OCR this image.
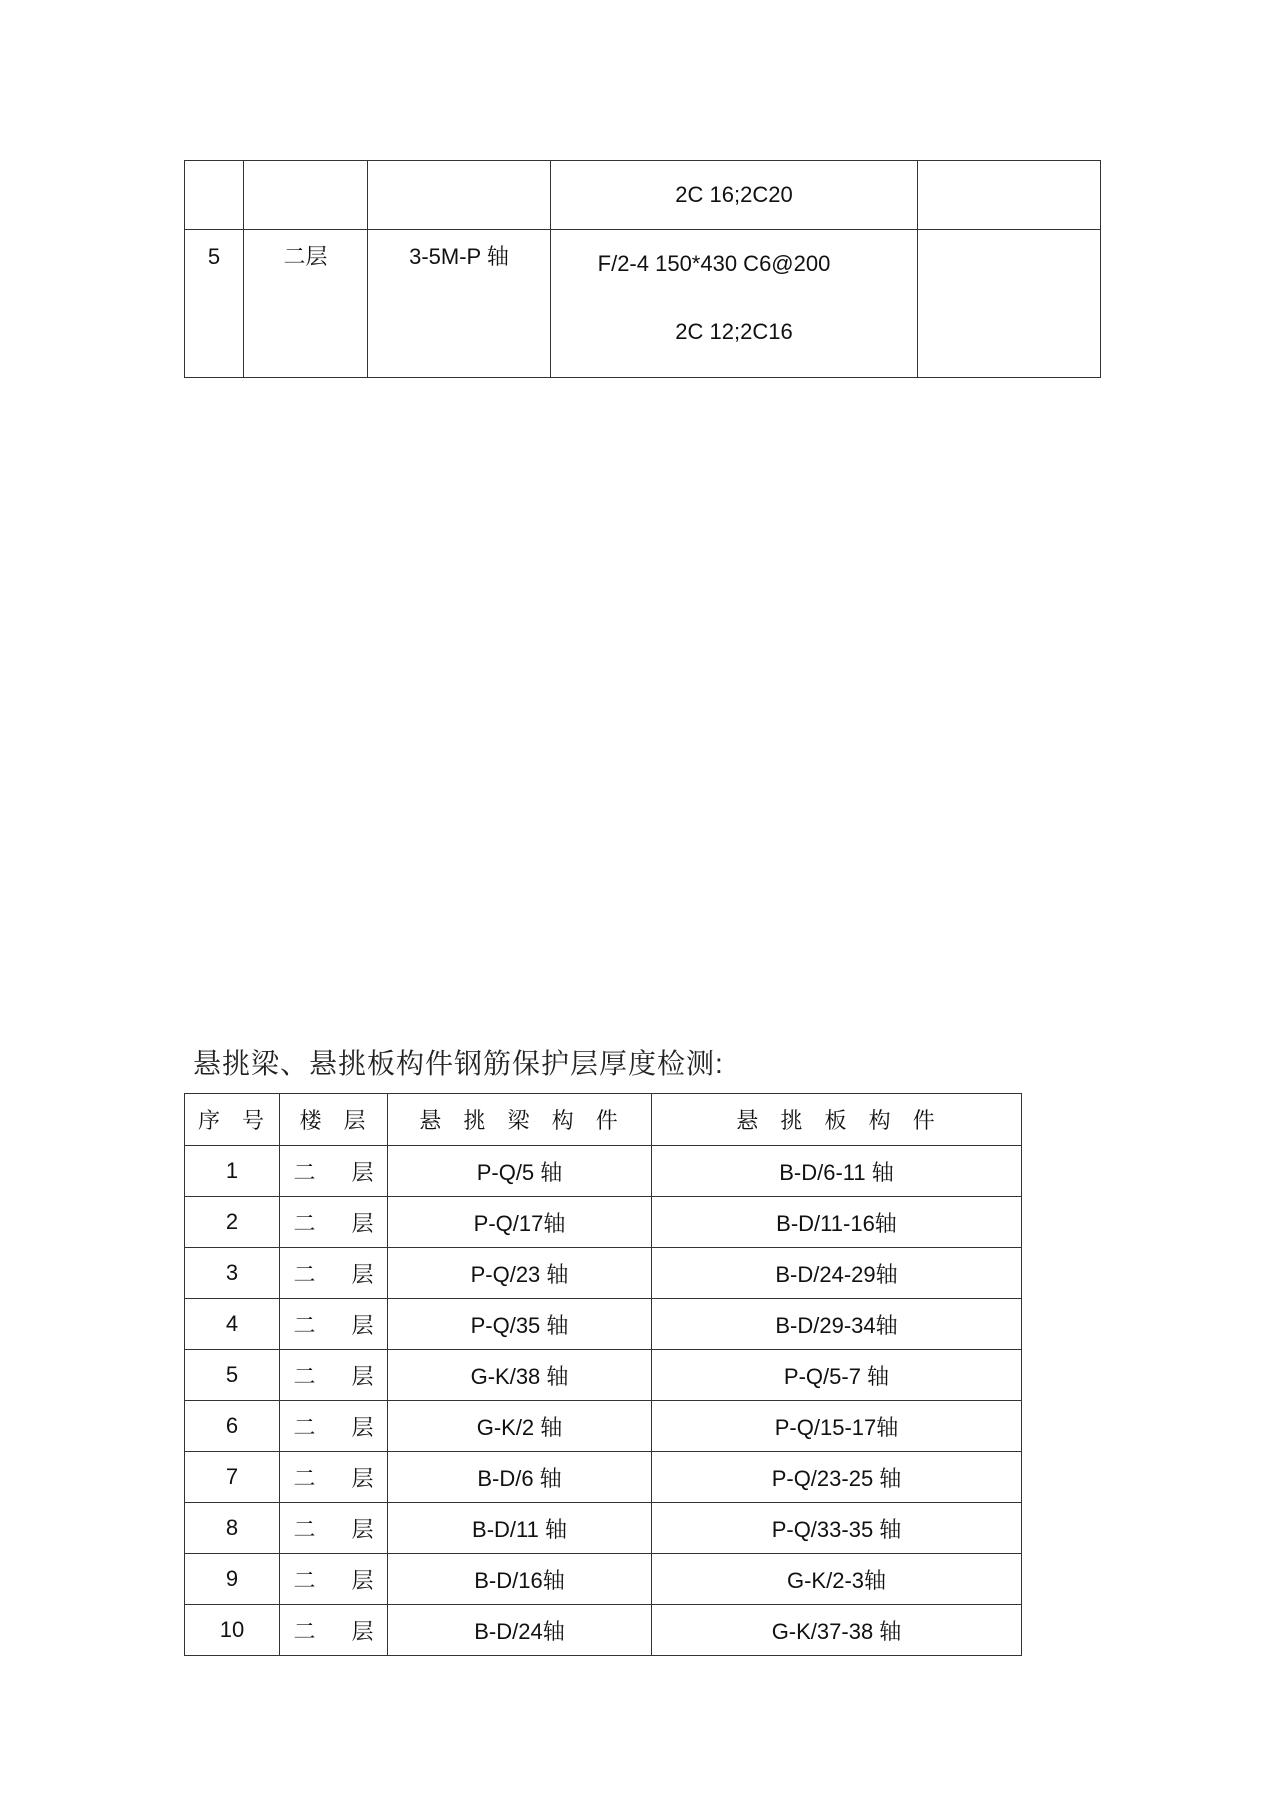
			2C 16;2C20	
5	二层	3-5M-P 轴	F/2-4 150*430 C6@200
2C 12;2C16	

悬挑梁、悬挑板构件钢筋保护层厚度检测:
序 号	楼 层	悬 挑 梁 构 件	悬 挑 板 构 件
1	二 层	P-Q/5 轴	B-D/6-11 轴
2	二 层	P-Q/17轴	B-D/11-16轴
3	二 层	P-Q/23 轴	B-D/24-29轴
4	二 层	P-Q/35 轴	B-D/29-34轴
5	二 层	G-K/38 轴	P-Q/5-7 轴
6	二 层	G-K/2 轴	P-Q/15-17轴
7	二 层	B-D/6 轴	P-Q/23-25 轴
8	二 层	B-D/11 轴	P-Q/33-35 轴
9	二 层	B-D/16轴	G-K/2-3轴
10	二 层	B-D/24轴	G-K/37-38 轴
